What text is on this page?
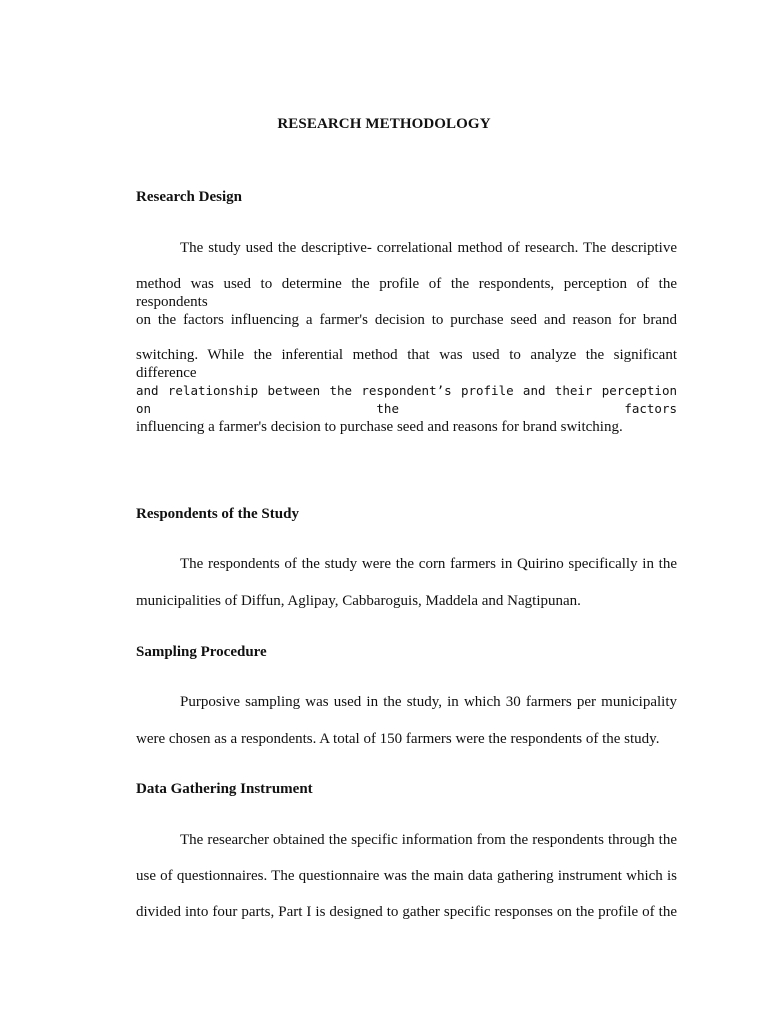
RESEARCH METHODOLOGY
Research Design
The study used the descriptive- correlational method of research. The descriptive
method was used to determine the profile of the respondents, perception of the respondents
on the factors influencing a farmer's decision to purchase seed and reason for brand
switching. While the inferential method that was used to analyze the significant difference
and relationship between the respondent’s profile and their perception on the factors
influencing a farmer's decision to purchase seed and reasons for brand switching.
Respondents of the Study
The respondents of the study were the corn farmers in Quirino specifically in the
municipalities of Diffun, Aglipay, Cabbaroguis, Maddela and Nagtipunan.
Sampling Procedure
Purposive sampling was used in the study, in which 30 farmers per municipality
were chosen as a respondents. A total of 150 farmers were the respondents of the study.
Data Gathering Instrument
The researcher obtained the specific information from the respondents through the
use of questionnaires. The questionnaire was the main data gathering instrument which is
divided into four parts, Part I is designed to gather specific responses on the profile of the
